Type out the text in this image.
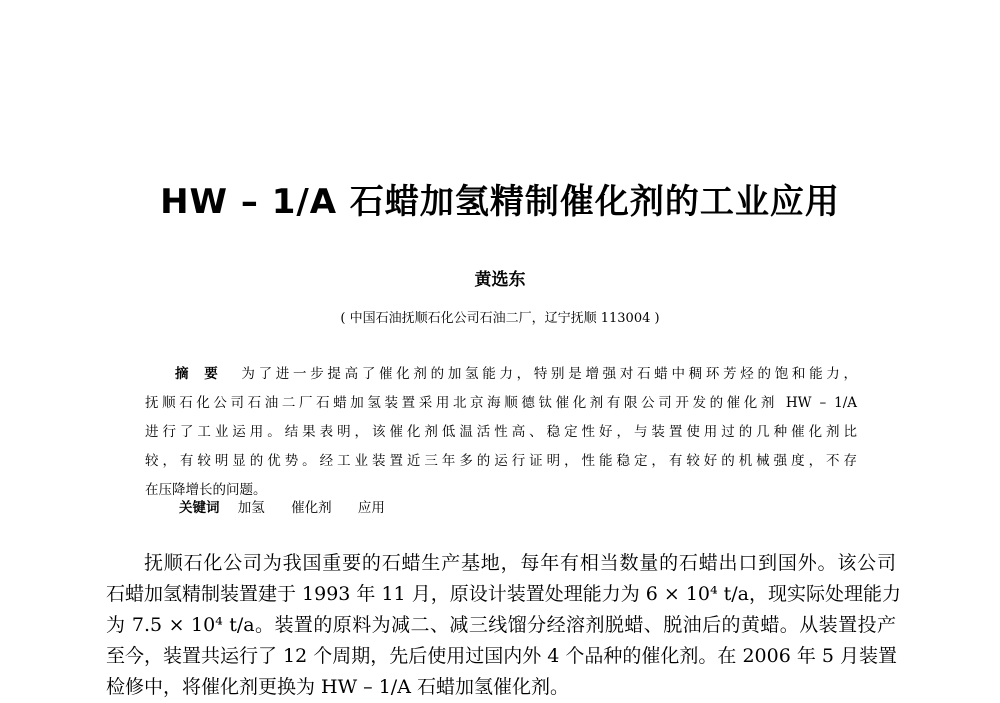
HW – 1/A 石蜡加氢精制催化剂的工业应用
黄选东
( 中国石油抚顺石化公司石油二厂，辽宁抚顺 113004 )
摘要 为了进一步提高了催化剂的加氢能力，特别是增强对石蜡中稠环芳烃的饱和能力，
抚顺石化公司石油二厂石蜡加氢装置采用北京海顺德钛催化剂有限公司开发的催化剂 HW – 1/A
进行了工业运用。结果表明，该催化剂低温活性高、稳定性好，与装置使用过的几种催化剂比
较，有较明显的优势。经工业装置近三年多的运行证明，性能稳定，有较好的机械强度，不存
在压降增长的问题。
关键词 加氢 催化剂 应用
抚顺石化公司为我国重要的石蜡生产基地，每年有相当数量的石蜡出口到国外。该公司
石蜡加氢精制装置建于 1993 年 11 月，原设计装置处理能力为 6 × 10⁴ t/a，现实际处理能力
为 7.5 × 10⁴ t/a。装置的原料为减二、减三线馏分经溶剂脱蜡、脱油后的黄蜡。从装置投产
至今，装置共运行了 12 个周期，先后使用过国内外 4 个品种的催化剂。在 2006 年 5 月装置
检修中，将催化剂更换为 HW – 1/A 石蜡加氢催化剂。
